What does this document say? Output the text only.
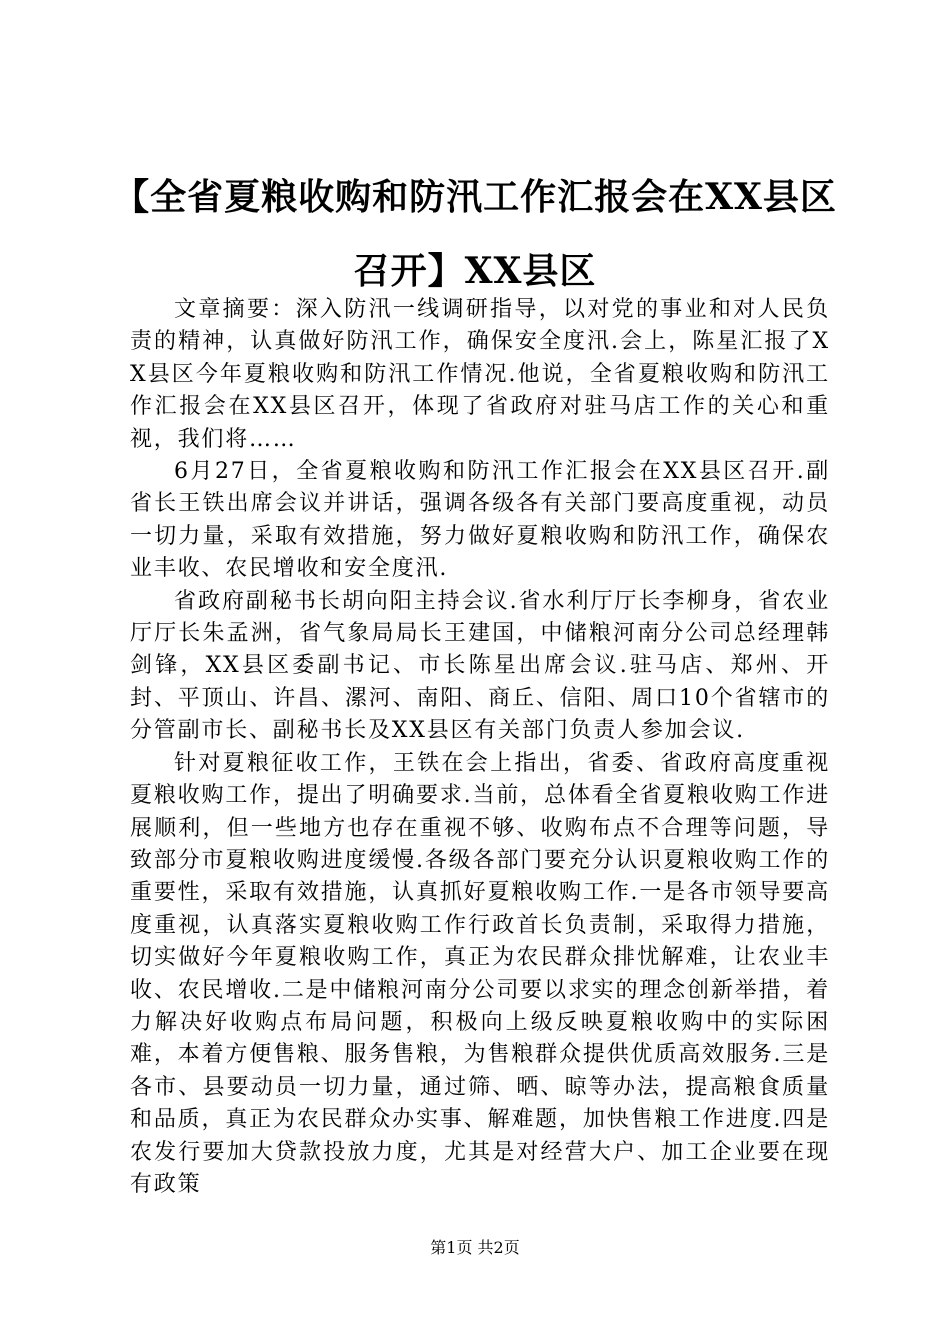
【全省夏粮收购和防汛工作汇报会在XX县区召开】XX县区

文章摘要：深入防汛一线调研指导，以对党的事业和对人民负责的精神，认真做好防汛工作，确保安全度汛.会上，陈星汇报了XX县区今年夏粮收购和防汛工作情况.他说，全省夏粮收购和防汛工作汇报会在XX县区召开，体现了省政府对驻马店工作的关心和重视，我们将……

6月27日，全省夏粮收购和防汛工作汇报会在XX县区召开.副省长王铁出席会议并讲话，强调各级各有关部门要高度重视，动员一切力量，采取有效措施，努力做好夏粮收购和防汛工作，确保农业丰收、农民增收和安全度汛.

省政府副秘书长胡向阳主持会议.省水利厅厅长李柳身，省农业厅厅长朱孟洲，省气象局局长王建国，中储粮河南分公司总经理韩剑锋，XX县区委副书记、市长陈星出席会议.驻马店、郑州、开封、平顶山、许昌、漯河、南阳、商丘、信阳、周口10个省辖市的分管副市长、副秘书长及XX县区有关部门负责人参加会议.

针对夏粮征收工作，王铁在会上指出，省委、省政府高度重视夏粮收购工作，提出了明确要求.当前，总体看全省夏粮收购工作进展顺利，但一些地方也存在重视不够、收购布点不合理等问题，导致部分市夏粮收购进度缓慢.各级各部门要充分认识夏粮收购工作的重要性，采取有效措施，认真抓好夏粮收购工作.一是各市领导要高度重视，认真落实夏粮收购工作行政首长负责制，采取得力措施，切实做好今年夏粮收购工作，真正为农民群众排忧解难，让农业丰收、农民增收.二是中储粮河南分公司要以求实的理念创新举措，着力解决好收购点布局问题，积极向上级反映夏粮收购中的实际困难，本着方便售粮、服务售粮，为售粮群众提供优质高效服务.三是各市、县要动员一切力量，通过筛、晒、晾等办法，提高粮食质量和品质，真正为农民群众办实事、解难题，加快售粮工作进度.四是农发行要加大贷款投放力度，尤其是对经营大户、加工企业要在现有政策

第1页 共2页
